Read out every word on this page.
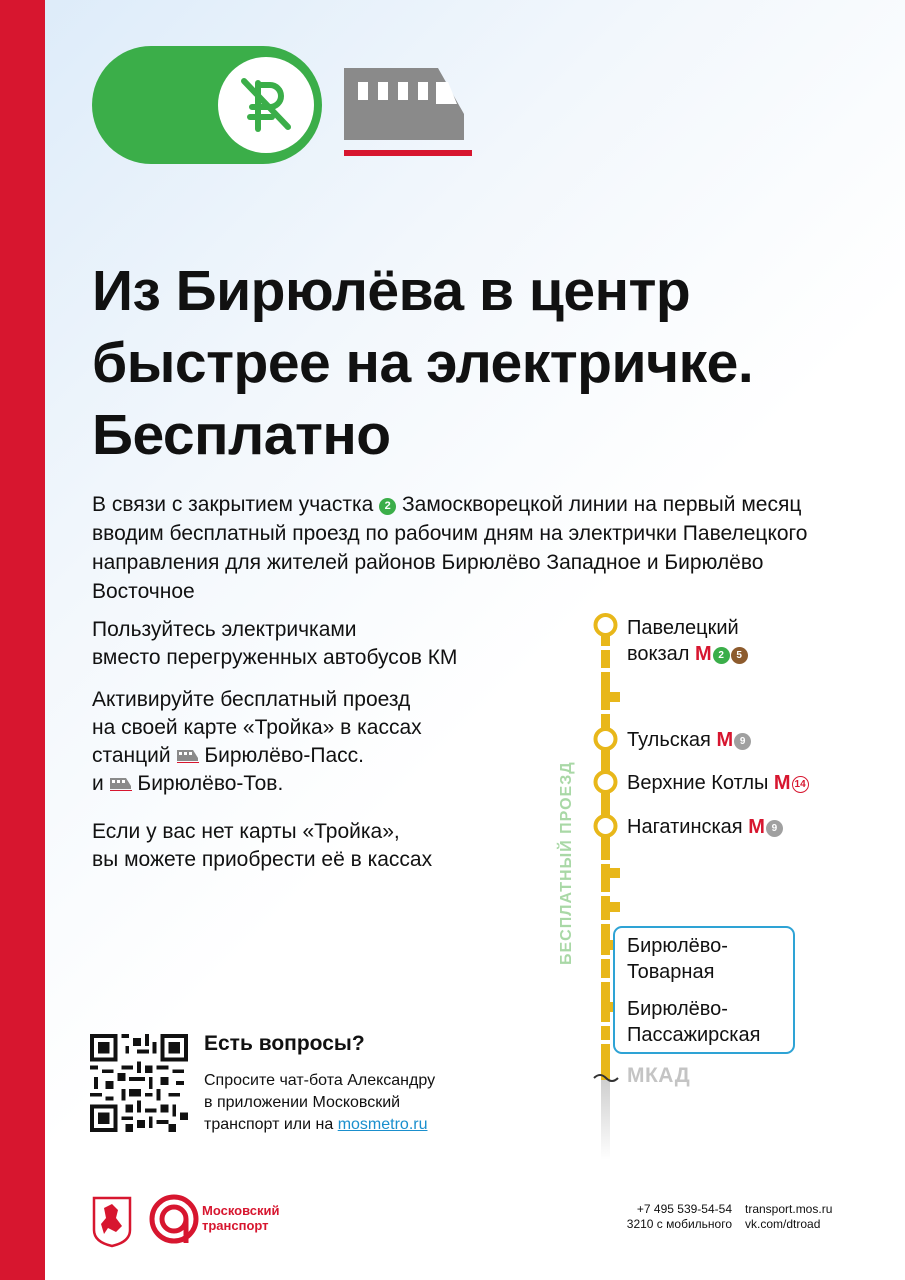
Из Бирюлёва в центр
быстрее на электричке.
Бесплатно
В связи с закрытием участка 2 Замоскворецкой линии на первый месяц вводим бесплатный проезд по рабочим дням на электрички Павелецкого направления для жителей районов Бирюлёво Западное и Бирюлёво Восточное
Пользуйтесь электричками
вместо перегруженных автобусов КМ
Активируйте бесплатный проезд
на своей карте «Тройка» в кассах
станций Бирюлёво-Пасс.
и Бирюлёво-Тов.
Если у вас нет карты «Тройка»,
вы можете приобрести её в кассах	БЕСПЛАТНЫЙ ПРОЕЗД
Павелецкий
вокзал М 2 5
Тульская М 9
Верхние Котлы М 14
Нагатинская М 9
Бирюлёво-
Товарная
Бирюлёво-
Пассажирская
МКАД
Есть вопросы?
Спросите чат-бота Александру
в приложении Московский
транспорт или на mosmetro.ru
Московский
транспорт
+7 495 539-54-54
3210 с мобильного
transport.mos.ru
vk.com/dtroad
